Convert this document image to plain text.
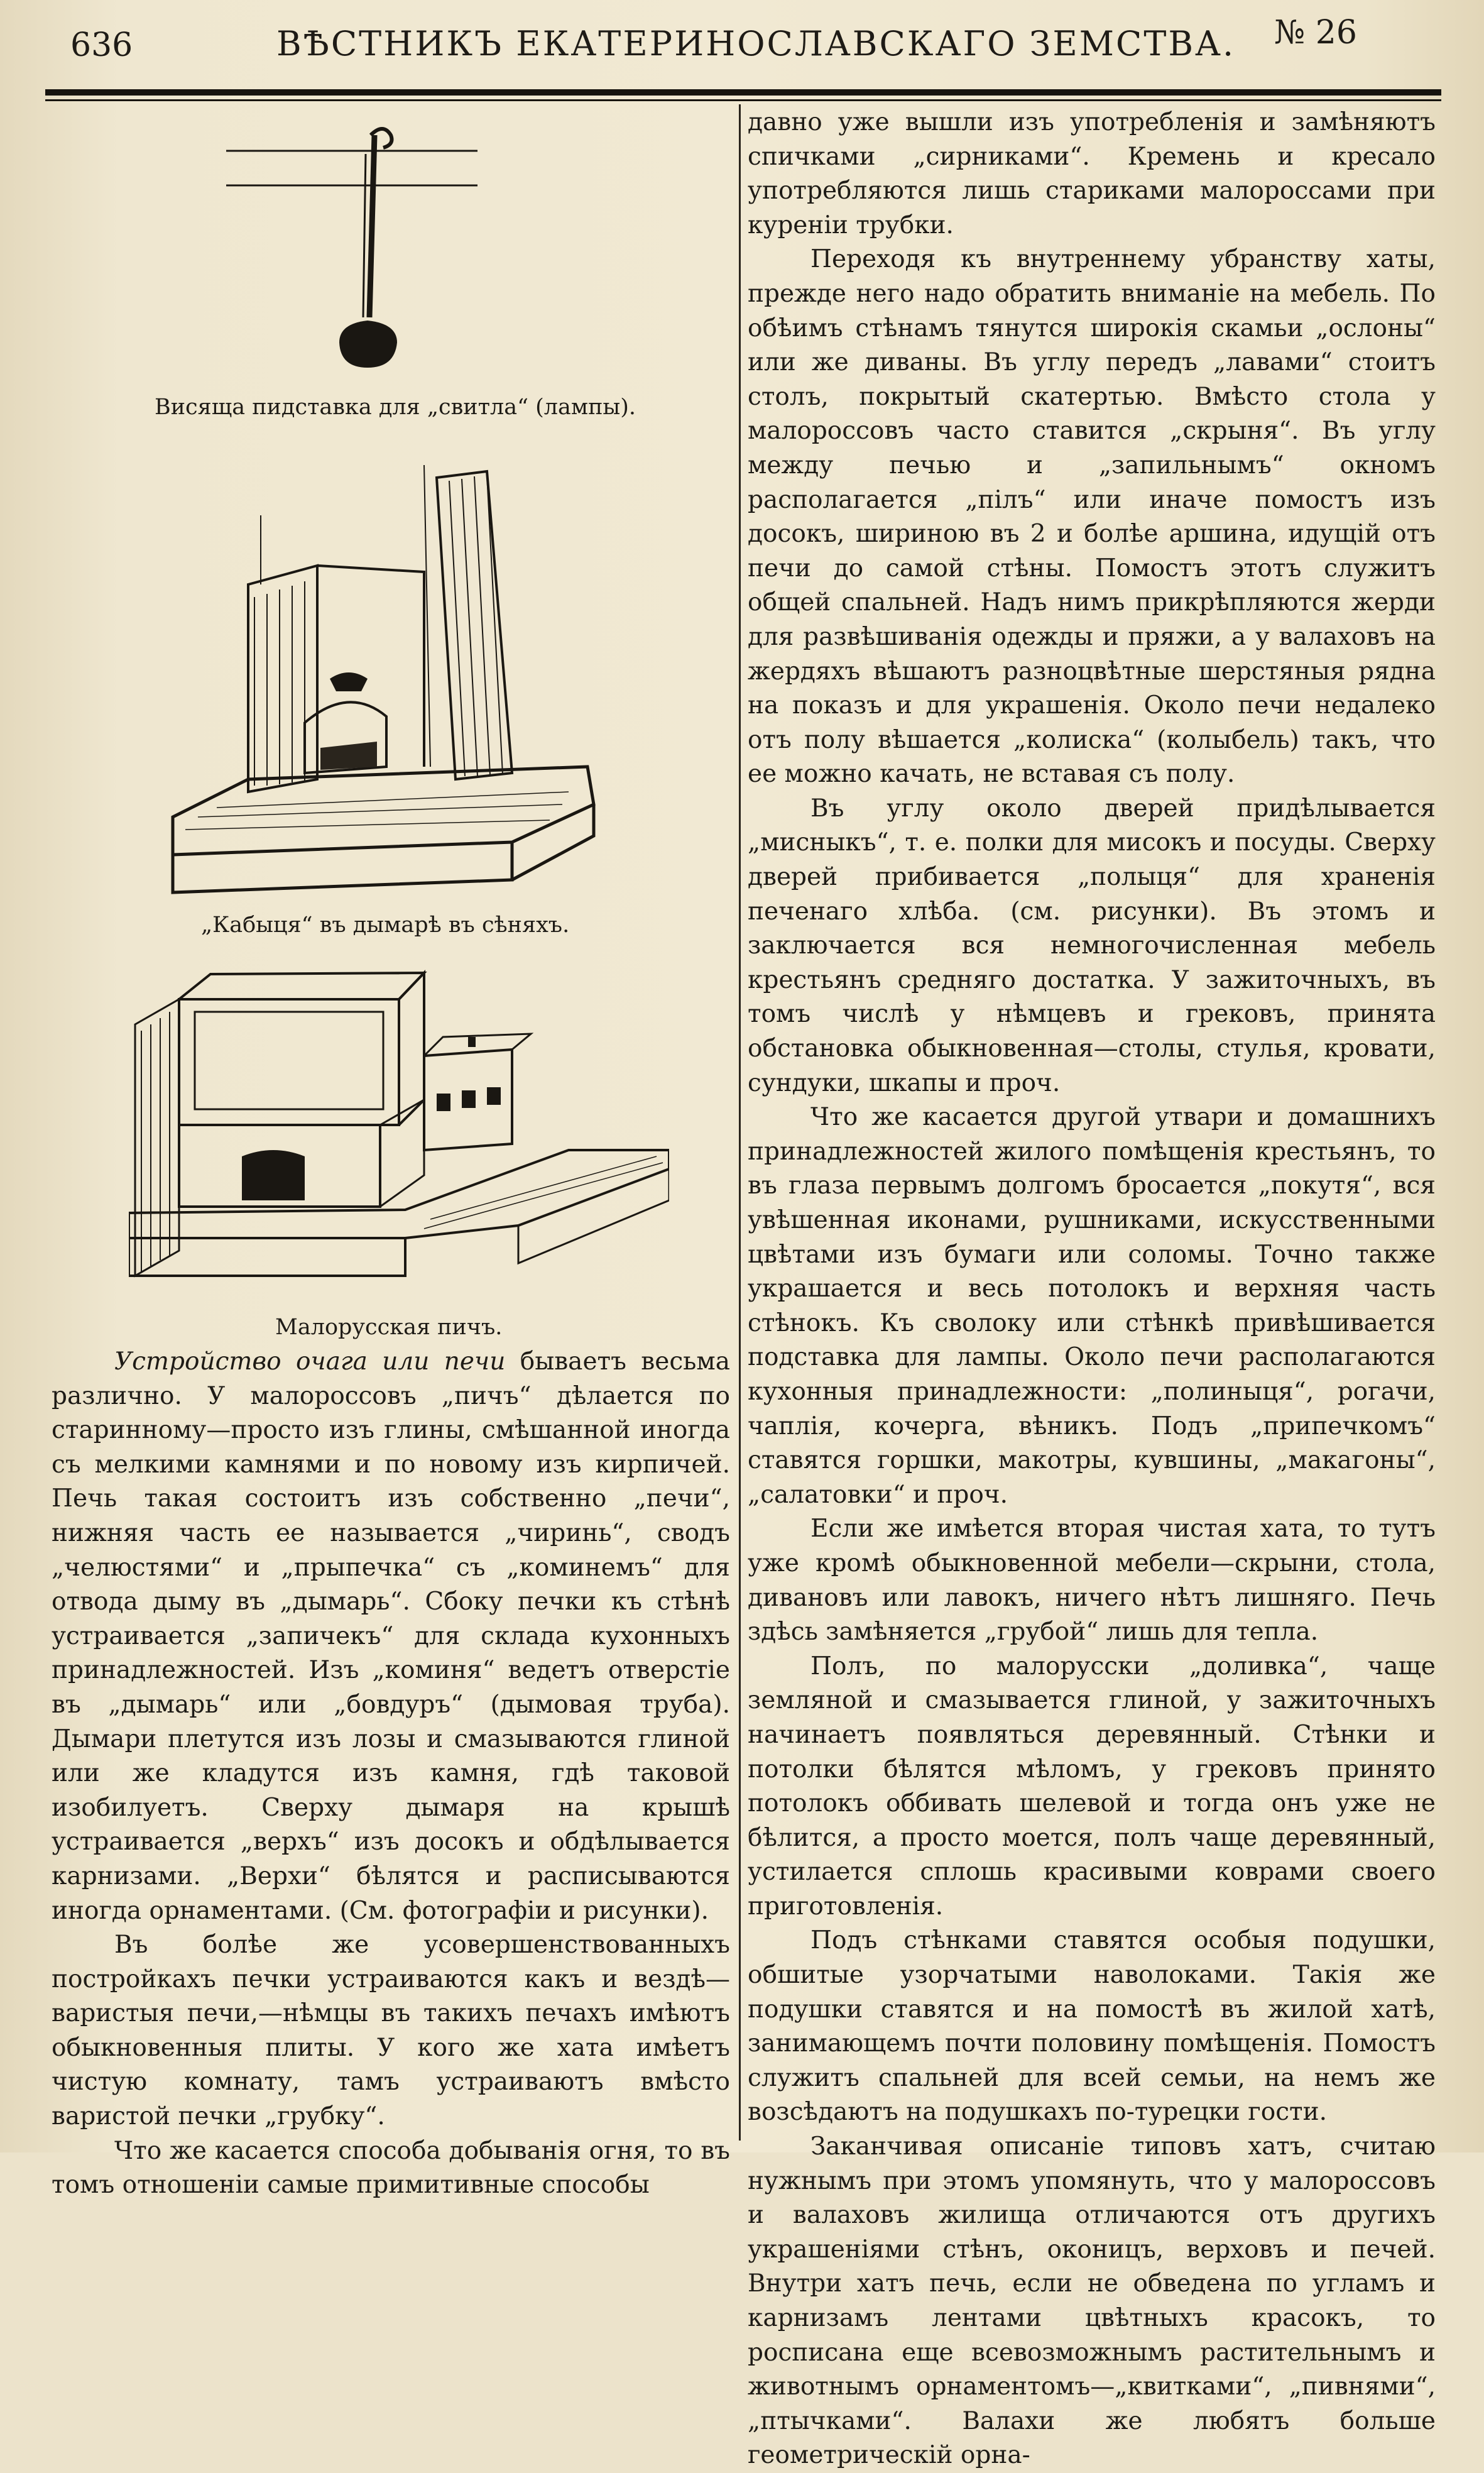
636	ВѢСТНИКЪ ЕКАТЕРИНОСЛАВСКАГО ЗЕМСТВА. № 26
Висяща пидставка для „свитла“ (лампы).
„Кабыця“ въ дымарѣ въ сѣняхъ.
Малорусская пичъ.

Устройство очага или печи бываетъ весьма различно. У малороссовъ „пичъ“ дѣлается по старинному—просто изъ глины, смѣшанной иногда съ мелкими камнями и по новому изъ кирпичей. Печь такая состоитъ изъ собственно „печи“, нижняя часть ее называется „чиринь“, сводъ „челюстями“ и „прыпечка“ съ „коминемъ“ для отвода дыму въ „дымарь“. Сбоку печки къ стѣнѣ устраивается „запичекъ“ для склада кухонныхъ принадлежностей. Изъ „коминя“ ведетъ отверстіе въ „дымарь“ или „бовдуръ“ (дымовая труба). Дымари плетутся изъ лозы и смазываются глиной или же кладутся изъ камня, гдѣ таковой изобилуетъ. Сверху дымаря на крышѣ устраивается „верхъ“ изъ досокъ и обдѣлывается карнизами. „Верхи“ бѣлятся и расписываются иногда орнаментами. (См. фотографіи и рисунки).

Въ болѣе же усовершенствованныхъ постройкахъ печки устраиваются какъ и вездѣ—варистыя печи,—нѣмцы въ такихъ печахъ имѣютъ обыкновенныя плиты. У кого же хата имѣетъ чистую комнату, тамъ устраиваютъ вмѣсто варистой печки „грубку“.

Что же касается способа добыванія огня, то въ томъ отношеніи самые примитивные способы

давно уже вышли изъ употребленія и замѣняютъ спичками „сирниками“. Кремень и кресало употребляются лишь стариками малороссами при куреніи трубки.

Переходя къ внутреннему убранству хаты, прежде него надо обратить вниманіе на мебель. По обѣимъ стѣнамъ тянутся широкія скамьи „ослоны“ или же диваны. Въ углу передъ „лавами“ стоитъ столъ, покрытый скатертью. Вмѣсто стола у малороссовъ часто ставится „скрыня“. Въ углу между печью и „запильнымъ“ окномъ располагается „пілъ“ или иначе помостъ изъ досокъ, шириною въ 2 и болѣе аршина, идущій отъ печи до самой стѣны. Помостъ этотъ служитъ общей спальней. Надъ нимъ прикрѣпляются жерди для развѣшиванія одежды и пряжи, а у валаховъ на жердяхъ вѣшаютъ разноцвѣтные шерстяныя рядна на показъ и для украшенія. Около печи недалеко отъ полу вѣшается „колиска“ (колыбель) такъ, что ее можно качать, не вставая съ полу.

Въ углу около дверей придѣлывается „мисныкъ“, т. е. полки для мисокъ и посуды. Сверху дверей прибивается „полыця“ для храненія печенаго хлѣба. (см. рисунки). Въ этомъ и заключается вся немногочисленная мебель крестьянъ средняго достатка. У зажиточныхъ, въ томъ числѣ у нѣмцевъ и грековъ, принята обстановка обыкновенная—столы, стулья, кровати, сундуки, шкапы и проч.

Что же касается другой утвари и домашнихъ принадлежностей жилого помѣщенія крестьянъ, то въ глаза первымъ долгомъ бросается „покутя“, вся увѣшенная иконами, рушниками, искусственными цвѣтами изъ бумаги или соломы. Точно также украшается и весь потолокъ и верхняя часть стѣнокъ. Къ сволоку или стѣнкѣ привѣшивается подставка для лампы. Около печи располагаются кухонныя принадлежности: „полиныця“, рогачи, чаплія, кочерга, вѣникъ. Подъ „припечкомъ“ ставятся горшки, макотры, кувшины, „макагоны“, „салатовки“ и проч.

Если же имѣется вторая чистая хата, то тутъ уже кромѣ обыкновенной мебели—скрыни, стола, дивановъ или лавокъ, ничего нѣтъ лишняго. Печь здѣсь замѣняется „грубой“ лишь для тепла.

Полъ, по малорусски „доливка“, чаще земляной и смазывается глиной, у зажиточныхъ начинаетъ появляться деревянный. Стѣнки и потолки бѣлятся мѣломъ, у грековъ принято потолокъ оббивать шелевой и тогда онъ уже не бѣлится, а просто моется, полъ чаще деревянный, устилается сплошь красивыми коврами своего приготовленія.

Подъ стѣнками ставятся особыя подушки, обшитые узорчатыми наволоками. Такія же подушки ставятся и на помостѣ въ жилой хатѣ, занимающемъ почти половину помѣщенія. Помостъ служитъ спальней для всей семьи, на немъ же возсѣдаютъ на подушкахъ по-турецки гости.

Заканчивая описаніе типовъ хатъ, считаю нужнымъ при этомъ упомянуть, что у малороссовъ и валаховъ жилища отличаются отъ другихъ украшеніями стѣнъ, оконицъ, верховъ и печей. Внутри хатъ печь, если не обведена по угламъ и карнизамъ лентами цвѣтныхъ красокъ, то росписана еще всевозможнымъ растительнымъ и животнымъ орнаментомъ—„квитками“, „пивнями“, „птычками“. Валахи же любятъ больше геометрическій орна-
